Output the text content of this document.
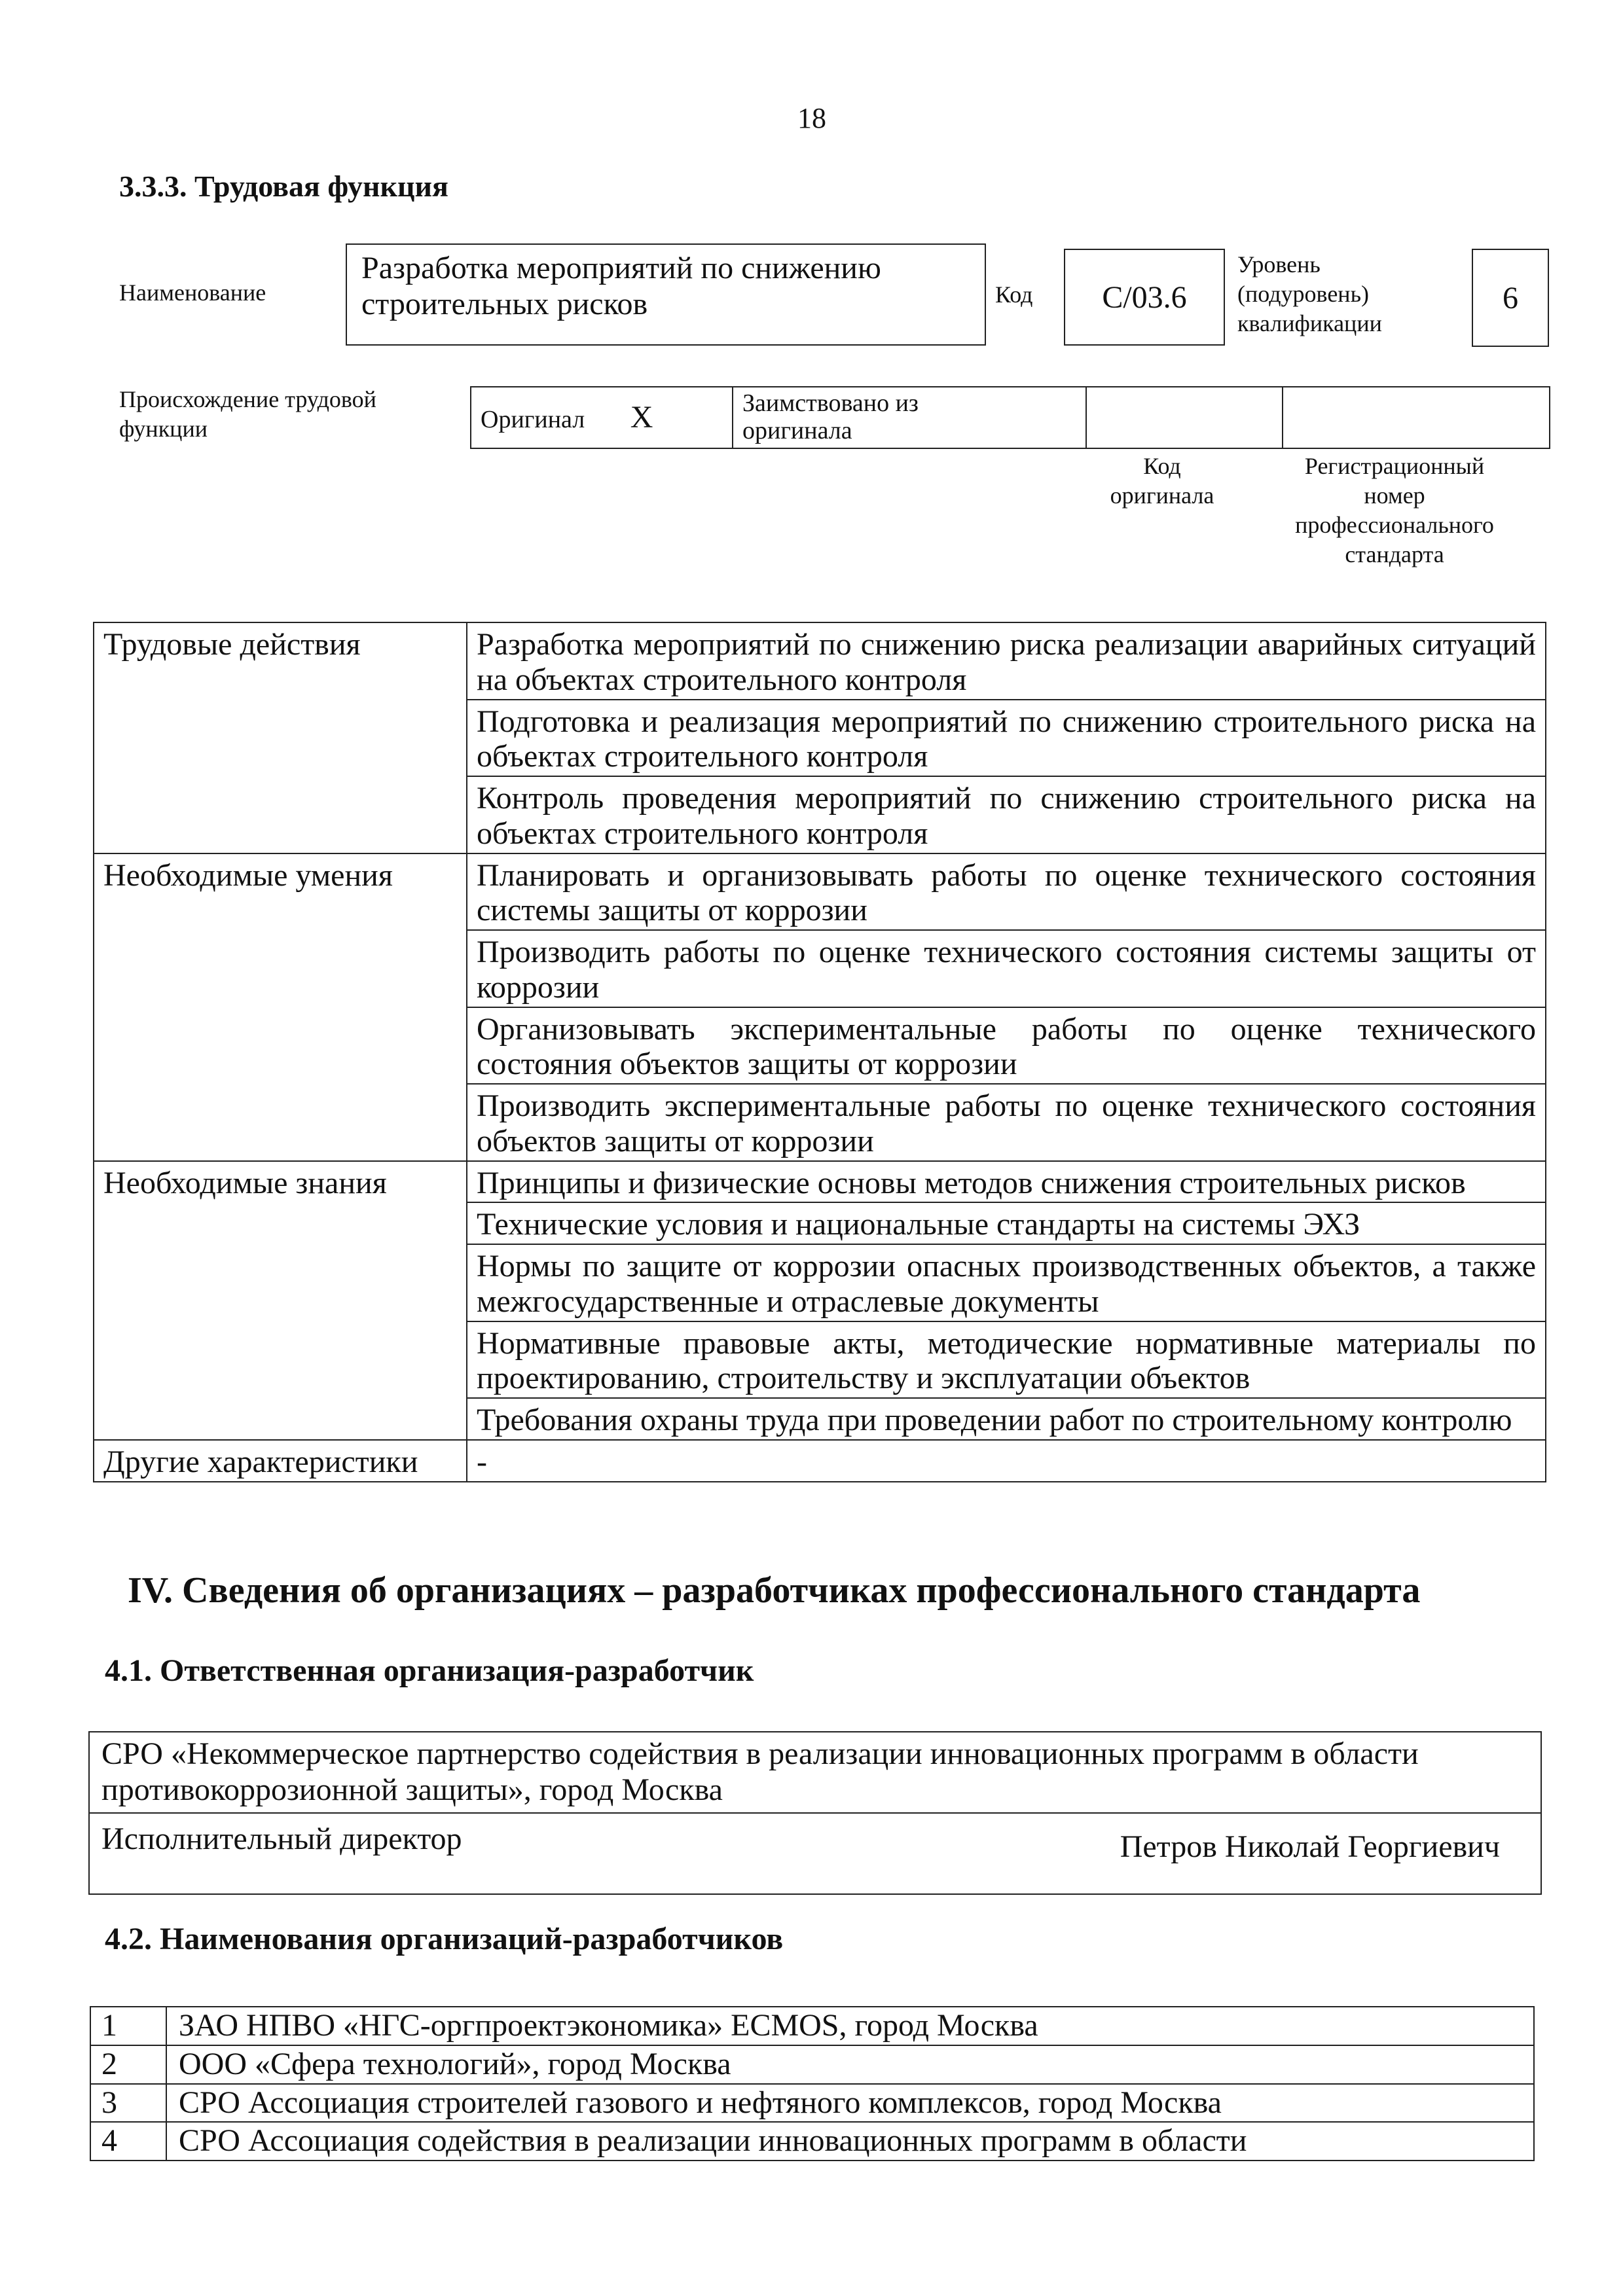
18
3.3.3. Трудовая функция
Наименование
Разработка мероприятий по снижению
строительных рисков	Код C/03.6
Уровень
(подуровень)
квалификации
6
Происхождение трудовой
функции	Оригинал X	Заимствовано из
оригинала

Код
оригинала
Регистрационный
номер
профессионального
стандарта
Трудовые действия	Разработка мероприятий по снижению риска реализации аварийных ситуаций на объектах строительного контроля
	Подготовка и реализация мероприятий по снижению строительного риска на объектах строительного контроля
	Контроль проведения мероприятий по снижению строительного риска на объектах строительного контроля
Необходимые умения	Планировать и организовывать работы по оценке технического состояния системы защиты от коррозии
	Производить работы по оценке технического состояния системы защиты от коррозии
	Организовывать экспериментальные работы по оценке технического состояния объектов защиты от коррозии
	Производить экспериментальные работы по оценке технического состояния объектов защиты от коррозии
Необходимые знания	Принципы и физические основы методов снижения строительных рисков
	Технические условия и национальные стандарты на системы ЭХЗ
	Нормы по защите от коррозии опасных производственных объектов, а также межгосударственные и отраслевые документы
	Нормативные правовые акты, методические нормативные материалы по проектированию, строительству и эксплуатации объектов
	Требования охраны труда при проведении работ по строительному контролю
Другие характеристики	-
IV. Сведения об организациях – разработчиках профессионального стандарта
4.1. Ответственная организация-разработчик
СРО «Некоммерческое партнерство содействия в реализации инновационных программ в области противокоррозионной защиты», город Москва

Исполнительный директор	Петров Николай Георгиевич
4.2. Наименования организаций-разработчиков
1	ЗАО НПВО «НГС-оргпроектэкономика» ECMOS, город Москва
2	ООО «Сфера технологий», город Москва
3	СРО Ассоциация строителей газового и нефтяного комплексов, город Москва
4	СРО Ассоциация содействия в реализации инновационных программ в области
